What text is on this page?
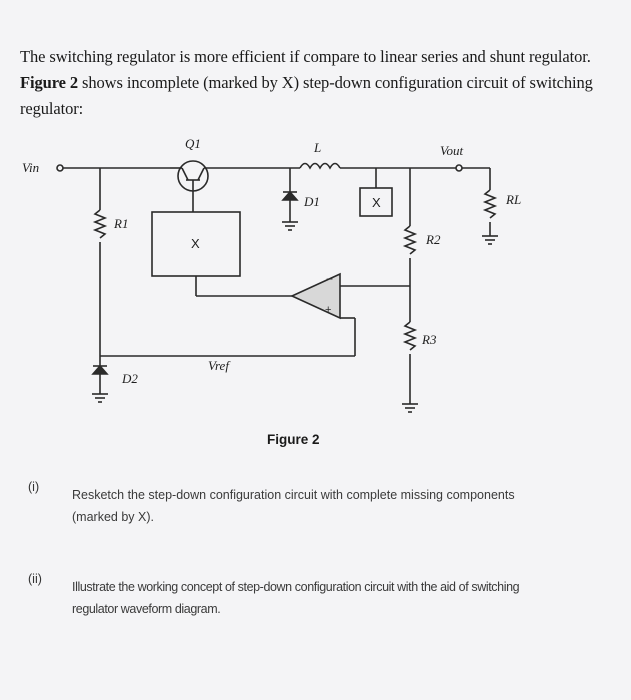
The switching regulator is more efficient if compare to linear series and shunt regulator.
Figure 2 shows incomplete (marked by X) step-down configuration circuit of switching regulator:
−
+
Vin
Q1	L
D1
Vout
RL
R1
R2
R3
D2
Vref
X
X
Figure 2
(i)
Resketch the step-down configuration circuit with complete missing components
(marked by X).
(ii)
Illustrate the working concept of step-down configuration circuit with the aid of switching
regulator waveform diagram.
